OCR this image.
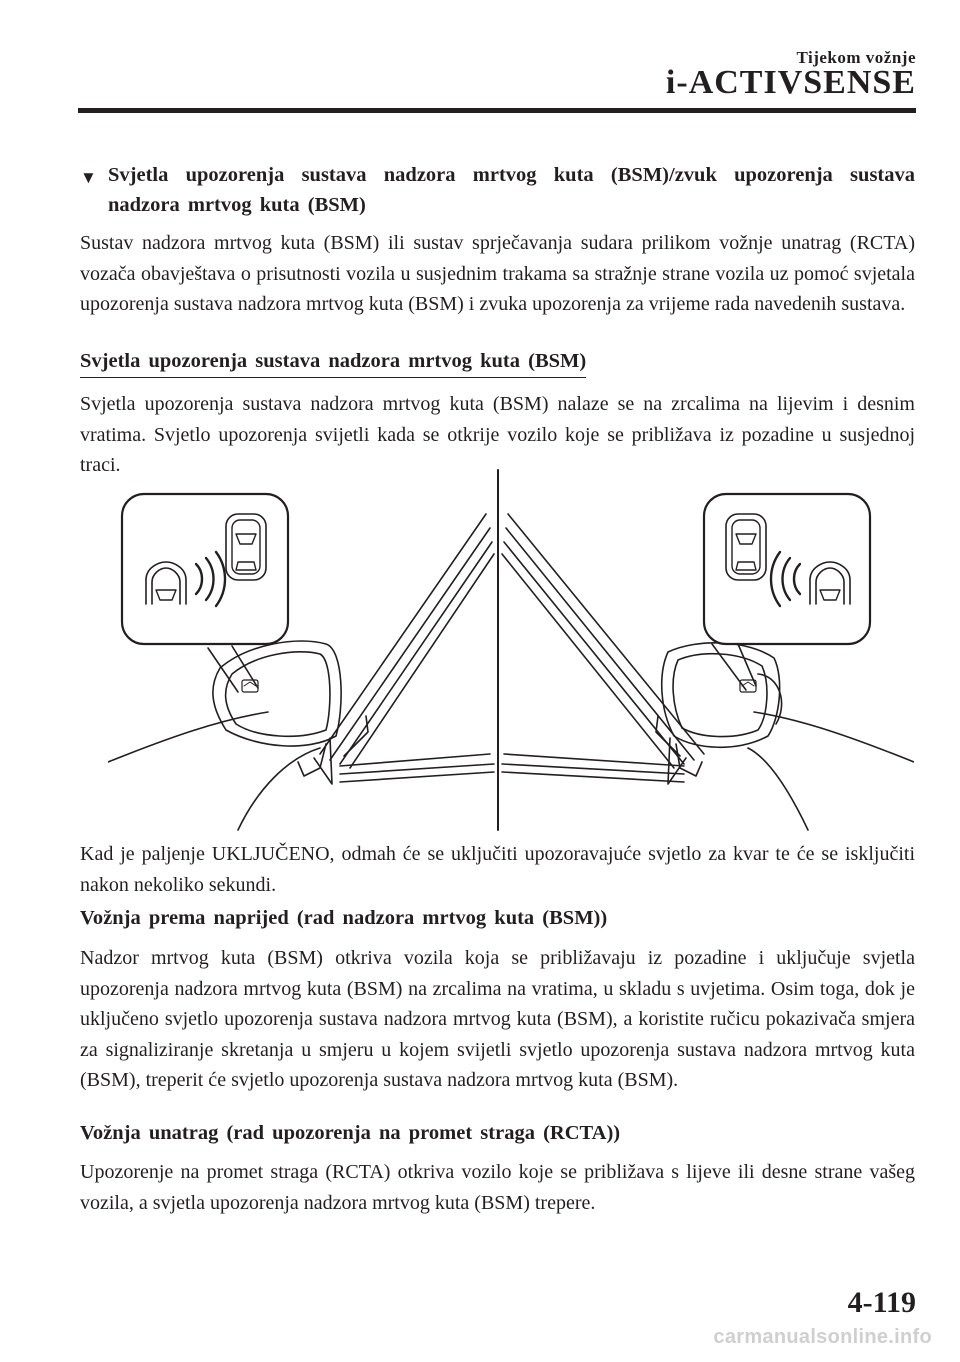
Tijekom vožnje
i-ACTIVSENSE
▼ Svjetla upozorenja sustava nadzora mrtvog kuta (BSM)/zvuk upozorenja sustava nadzora mrtvog kuta (BSM)
Sustav nadzora mrtvog kuta (BSM) ili sustav sprječavanja sudara prilikom vožnje unatrag (RCTA) vozača obavještava o prisutnosti vozila u susjednim trakama sa stražnje strane vozila uz pomoć svjetala upozorenja sustava nadzora mrtvog kuta (BSM) i zvuka upozorenja za vrijeme rada navedenih sustava.
Svjetla upozorenja sustava nadzora mrtvog kuta (BSM)
Svjetla upozorenja sustava nadzora mrtvog kuta (BSM) nalaze se na zrcalima na lijevim i desnim vratima. Svjetlo upozorenja svijetli kada se otkrije vozilo koje se približava iz pozadine u susjednoj traci.
Kad je paljenje UKLJUČENO, odmah će se uključiti upozoravajuće svjetlo za kvar te će se isključiti nakon nekoliko sekundi.
Vožnja prema naprijed (rad nadzora mrtvog kuta (BSM))
Nadzor mrtvog kuta (BSM) otkriva vozila koja se približavaju iz pozadine i uključuje svjetla upozorenja nadzora mrtvog kuta (BSM) na zrcalima na vratima, u skladu s uvjetima. Osim toga, dok je uključeno svjetlo upozorenja sustava nadzora mrtvog kuta (BSM), a koristite ručicu pokazivača smjera za signaliziranje skretanja u smjeru u kojem svijetli svjetlo upozorenja sustava nadzora mrtvog kuta (BSM), treperit će svjetlo upozorenja sustava nadzora mrtvog kuta (BSM).
Vožnja unatrag (rad upozorenja na promet straga (RCTA))
Upozorenje na promet straga (RCTA) otkriva vozilo koje se približava s lijeve ili desne strane vašeg vozila, a svjetla upozorenja nadzora mrtvog kuta (BSM) trepere.
4-119
carmanualsonline.info
